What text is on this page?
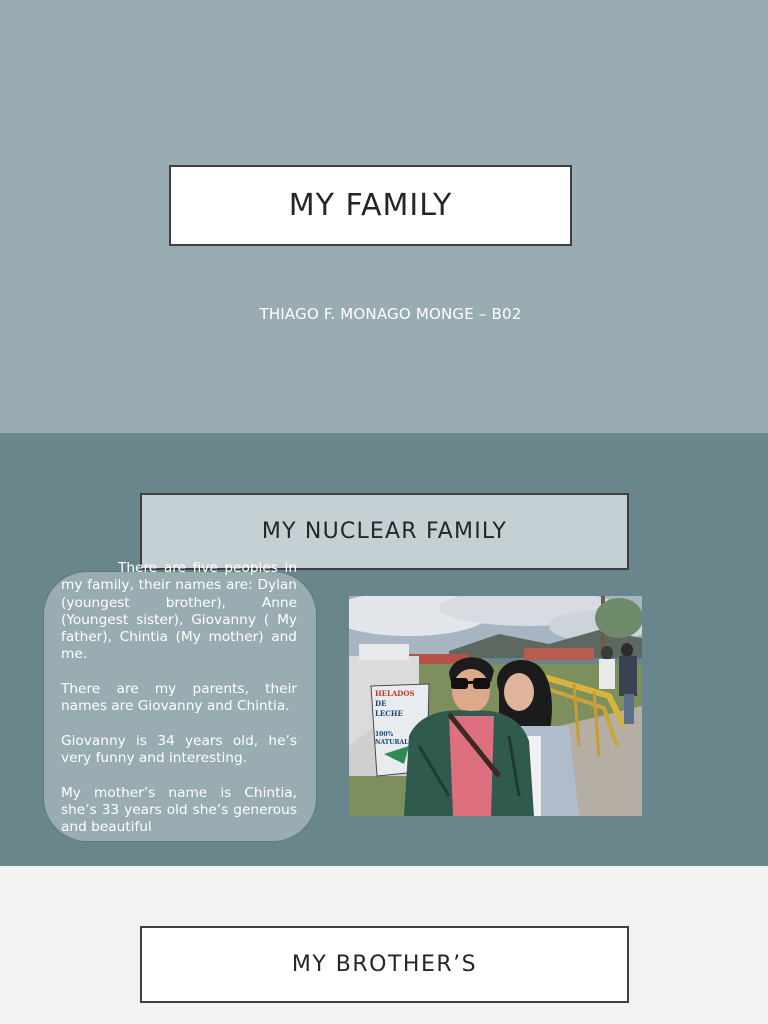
MY FAMILY
THIAGO F. MONAGO MONGE – B02
MY NUCLEAR FAMILY

There are five peoples in my family, their names are: Dylan (youngest brother), Anne (Youngest sister), Giovanny ( My father), Chintia (My mother) and me.

There are my parents, their names are Giovanny and Chintia.

Giovanny is 34 years old, he’s very funny and interesting.

My mother’s name is Chintia, she’s 33 years old she’s generous and beautiful

HELADOS
DE
LECHE
100%
NATURAL
MY BROTHER’S
